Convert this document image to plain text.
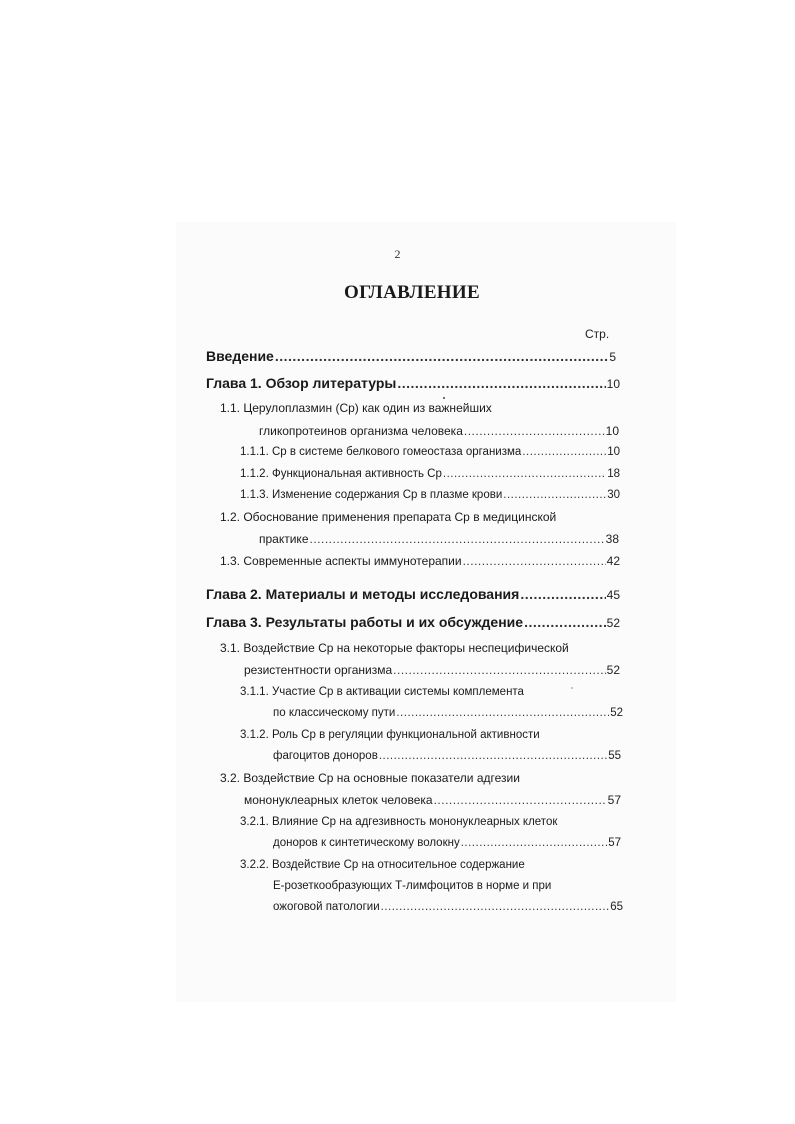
2
ОГЛАВЛЕНИЕ
Стр.
Введение .....	5
Глава 1. Обзор литературы .....	10
1.1. Церулоплазмин (Ср) как один из важнейших
гликопротеинов организма человека .....	10
1.1.1. Ср в системе белкового гомеостаза организма .....	10
1.1.2. Функциональная активность Ср .....	18
1.1.3. Изменение содержания Ср в плазме крови .....	30
1.2. Обоснование применения препарата Ср в медицинской
практике .....	38
1.3. Современные аспекты иммунотерапии .....	42
Глава 2. Материалы и методы исследования .....	45
Глава 3. Результаты работы и их обсуждение .....	52
3.1. Воздействие Ср на некоторые факторы неспецифической
резистентности организма .....	52
3.1.1. Участие Ср в активации системы комплемента
по классическому пути .....	52
3.1.2. Роль Ср в регуляции функциональной активности
фагоцитов доноров .....	55
3.2. Воздействие Ср на основные показатели адгезии
мононуклеарных клеток человека .....	57
3.2.1. Влияние Ср на адгезивность мононуклеарных клеток
доноров к синтетическому волокну .....	57
3.2.2. Воздействие Ср на относительное содержание
Е-розеткообразующих Т-лимфоцитов в норме и при
ожоговой патологии .....	65
